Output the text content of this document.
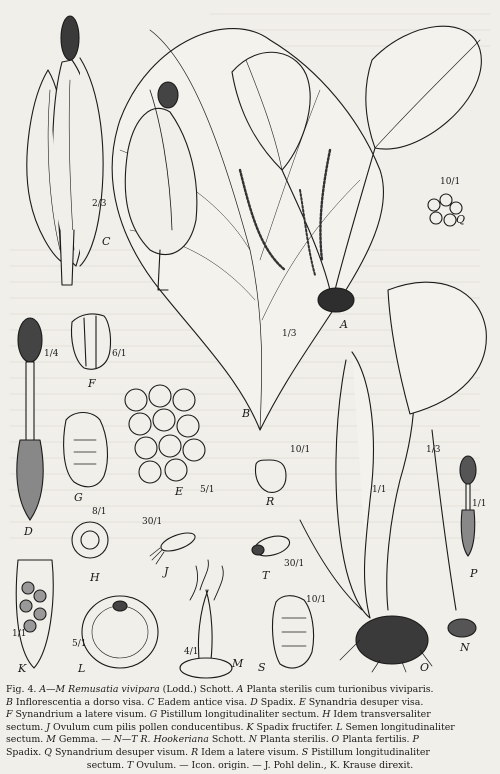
C
Q
A
B
D
F
R
E
G
H	J	T	P
N
K	L	M S	O
2/3
10/1
1/3
1/4	6/1
10/1
5/1
8/1
30/1
30/1
1/1
1/1
1/3
1/1
5/1
4/1
10/1
Fig. 4. A—M Remusatia vivipara (Lodd.) Schott. A Planta sterilis cum turionibus viviparis.
B Inflorescentia a dorso visa. C Eadem antice visa. D Spadix. E Synandria desuper visa.
F Synandrium a latere visum. G Pistillum longitudinaliter sectum. H Idem transversaliter
sectum. J Ovulum cum pilis pollen conducentibus. K Spadix fructifer. L Semen longitudinaliter
sectum. M Gemma. — N—T R. Hookeriana Schott. N Planta sterilis. O Planta fertilis. P
Spadix. Q Synandrium desuper visum. R Idem a latere visum. S Pistillum longitudinaliter
sectum. T Ovulum. — Icon. origin. — J. Pohl delin., K. Krause direxit.
